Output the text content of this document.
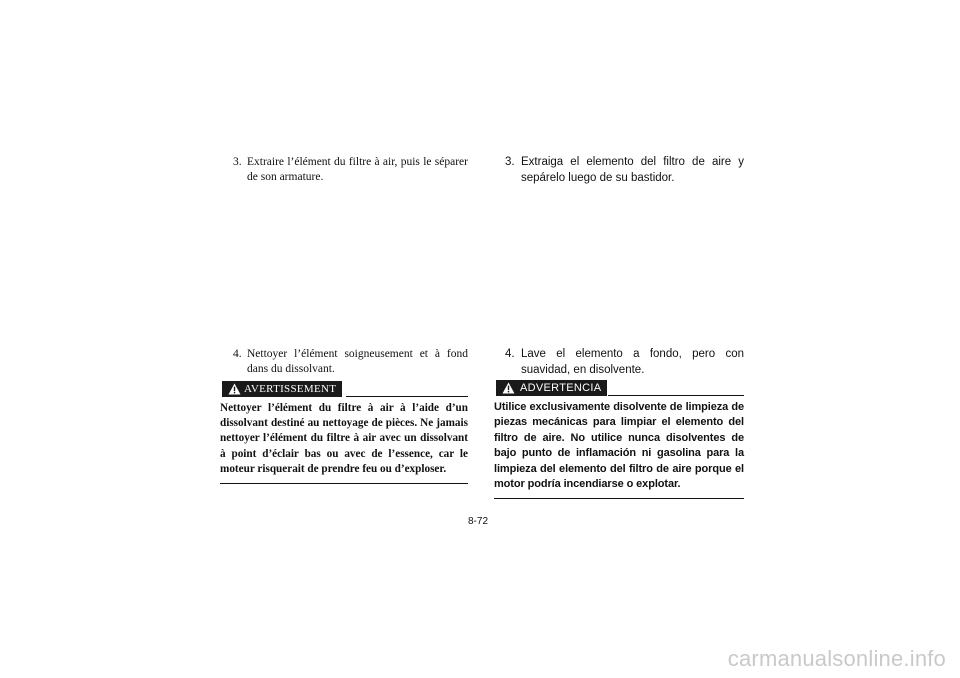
3. Extraire l’élément du filtre à air, puis le séparer de son armature.
4. Nettoyer l’élément soigneusement et à fond dans du dissolvant.
AVERTISSEMENT
Nettoyer l’élément du filtre à air à l’aide d’un dissolvant destiné au nettoyage de pièces. Ne jamais nettoyer l’élément du filtre à air avec un dissolvant à point d’éclair bas ou avec de l’essence, car le moteur risquerait de prendre feu ou d’exploser.
3. Extraiga el elemento del filtro de aire y sepárelo luego de su bastidor.
4. Lave el elemento a fondo, pero con suavidad, en disolvente.
ADVERTENCIA
Utilice exclusivamente disolvente de limpieza de piezas mecánicas para limpiar el elemento del filtro de aire. No utilice nunca disolventes de bajo punto de inflamación ni gasolina para la limpieza del elemento del filtro de aire porque el motor podría incendiarse o explotar.
8-72
carmanualsonline.info
